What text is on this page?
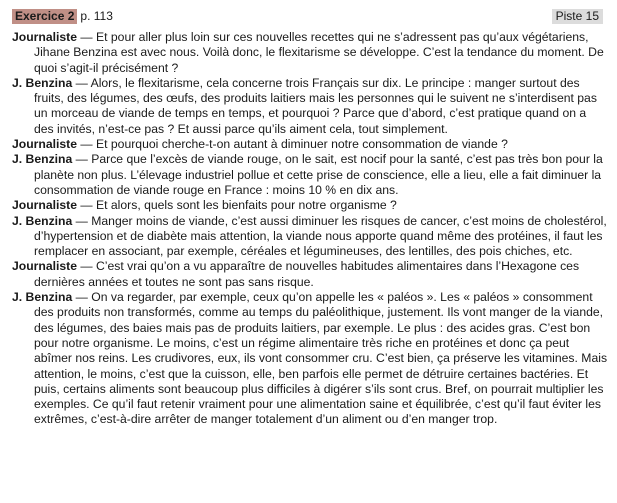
Exercice 2 p. 113	Piste 15

Journaliste — Et pour aller plus loin sur ces nouvelles recettes qui ne s’adressent pas qu’aux végétariens, Jihane Benzina est avec nous. Voilà donc, le flexitarisme se développe. C’est la tendance du moment. De quoi s’agit-il précisément ?

J. Benzina — Alors, le flexitarisme, cela concerne trois Français sur dix. Le principe : manger surtout des fruits, des légumes, des œufs, des produits laitiers mais les personnes qui le suivent ne s’interdisent pas un morceau de viande de temps en temps, et pourquoi ? Parce que d’abord, c’est pratique quand on a des invités, n’est-ce pas ? Et aussi parce qu’ils aiment cela, tout simplement.

Journaliste — Et pourquoi cherche-t-on autant à diminuer notre consommation de viande ?

J. Benzina — Parce que l’excès de viande rouge, on le sait, est nocif pour la santé, c’est pas très bon pour la planète non plus. L’élevage industriel pollue et cette prise de conscience, elle a lieu, elle a fait diminuer la consommation de viande rouge en France : moins 10 % en dix ans.

Journaliste — Et alors, quels sont les bienfaits pour notre organisme ?

J. Benzina — Manger moins de viande, c’est aussi diminuer les risques de cancer, c’est moins de cholestérol, d’hypertension et de diabète mais attention, la viande nous apporte quand même des protéines, il faut les remplacer en associant, par exemple, céréales et légumineuses, des lentilles, des pois chiches, etc.

Journaliste — C’est vrai qu’on a vu apparaître de nouvelles habitudes alimentaires dans l’Hexagone ces dernières années et toutes ne sont pas sans risque.

J. Benzina — On va regarder, par exemple, ceux qu’on appelle les « paléos ». Les « paléos » consomment des produits non transformés, comme au temps du paléolithique, justement. Ils vont manger de la viande, des légumes, des baies mais pas de produits laitiers, par exemple. Le plus : des acides gras. C’est bon pour notre organisme. Le moins, c’est un régime alimentaire très riche en protéines et donc ça peut abîmer nos reins. Les crudivores, eux, ils vont consommer cru. C’est bien, ça préserve les vitamines. Mais attention, le moins, c’est que la cuisson, elle, ben parfois elle permet de détruire certaines bactéries. Et puis, certains aliments sont beaucoup plus difficiles à digérer s’ils sont crus. Bref, on pourrait multiplier les exemples. Ce qu’il faut retenir vraiment pour une alimentation saine et équilibrée, c’est qu’il faut éviter les extrêmes, c’est-à-dire arrêter de manger totalement d’un aliment ou d’en manger trop.
